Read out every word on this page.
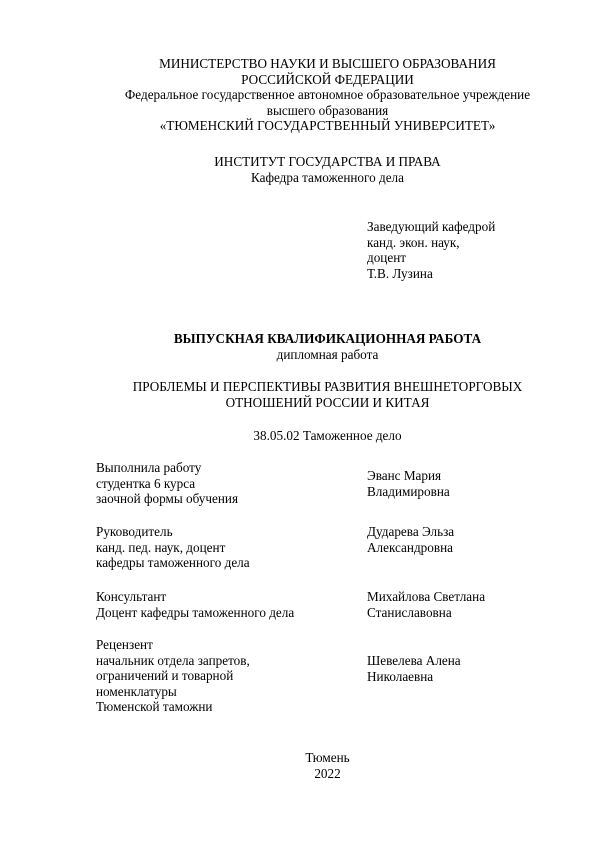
МИНИСТЕРСТВО НАУКИ И ВЫСШЕГО ОБРАЗОВАНИЯ
РОССИЙСКОЙ ФЕДЕРАЦИИ
Федеральное государственное автономное образовательное учреждение
высшего образования
«ТЮМЕНСКИЙ ГОСУДАРСТВЕННЫЙ УНИВЕРСИТЕТ»
ИНСТИТУТ ГОСУДАРСТВА И ПРАВА
Кафедра таможенного дела
Заведующий кафедрой
канд. экон. наук,
доцент
Т.В. Лузина
ВЫПУСКНАЯ КВАЛИФИКАЦИОННАЯ РАБОТА
дипломная работа
ПРОБЛЕМЫ И ПЕРСПЕКТИВЫ РАЗВИТИЯ ВНЕШНЕТОРГОВЫХ
ОТНОШЕНИЙ РОССИИ И КИТАЯ
38.05.02 Таможенное дело
Выполнила работу
студентка 6 курса
заочной формы обучения
Эванс Мария
Владимировна
Руководитель
канд. пед. наук, доцент
кафедры таможенного дела
Дударева Эльза
Александровна
Консультант
Доцент кафедры таможенного дела
Михайлова Светлана
Станиславовна
Рецензент
начальник отдела запретов,
ограничений и товарной
номенклатуры
Тюменской таможни
Шевелева Алена
Николаевна
Тюмень
2022
